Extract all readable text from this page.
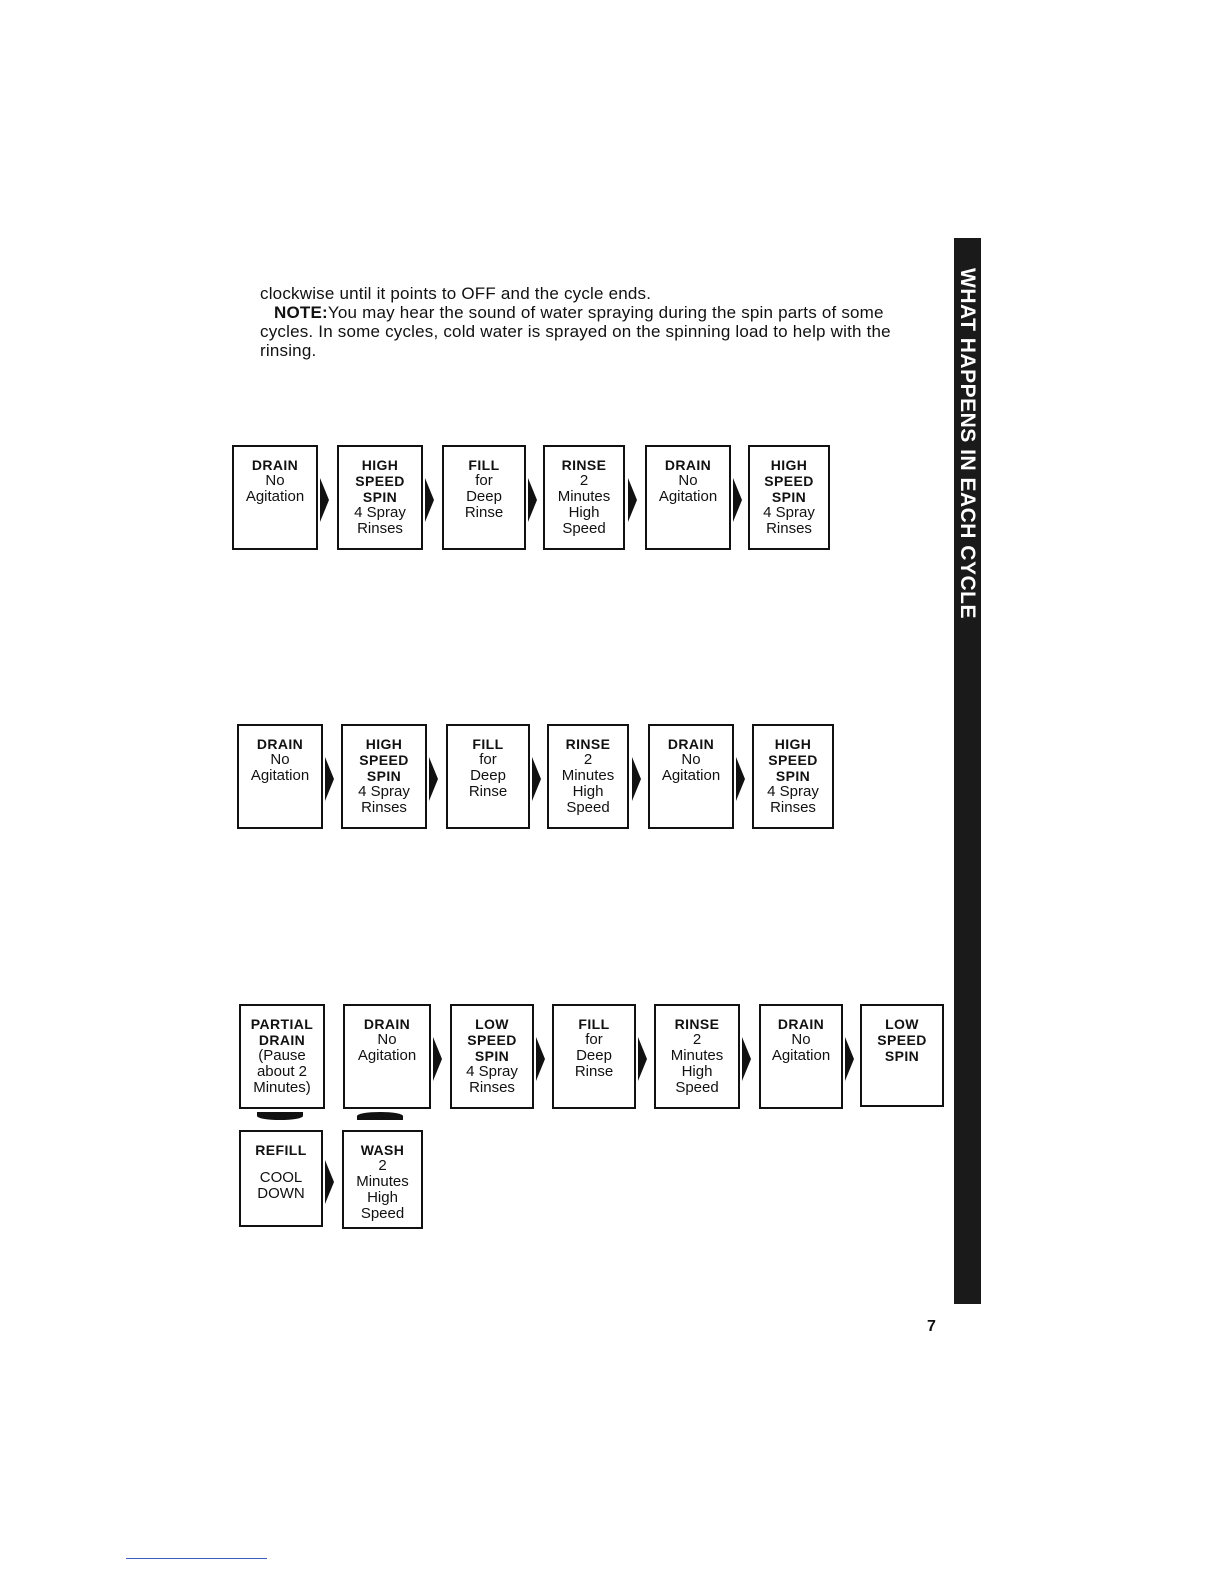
clockwise until it points to OFF and the cycle ends.

NOTE:You may hear the sound of water spraying during the spin parts of some cycles. In some cycles, cold water is sprayed on the spinning load to help with the rinsing.	WHAT HAPPENS IN EACH CYCLE
DRAIN
No
Agitation
HIGH SPEED SPIN
4 Spray
Rinses
FILL
for
Deep
Rinse
RINSE
2
Minutes
High
Speed
DRAIN
No
Agitation
HIGH SPEED SPIN
4 Spray
Rinses
DRAIN
No
Agitation
HIGH SPEED SPIN
4 Spray
Rinses
FILL
for
Deep
Rinse
RINSE
2
Minutes
High
Speed
DRAIN
No
Agitation
HIGH SPEED SPIN
4 Spray
Rinses
PARTIAL DRAIN
(Pause
about 2
Minutes)
DRAIN
No
Agitation
LOW SPEED SPIN
4 Spray
Rinses
FILL
for
Deep
Rinse
RINSE
2
Minutes
High
Speed
DRAIN
No
Agitation
LOW SPEED SPIN
REFILL
COOL
DOWN
WASH
2
Minutes
High
Speed
7
